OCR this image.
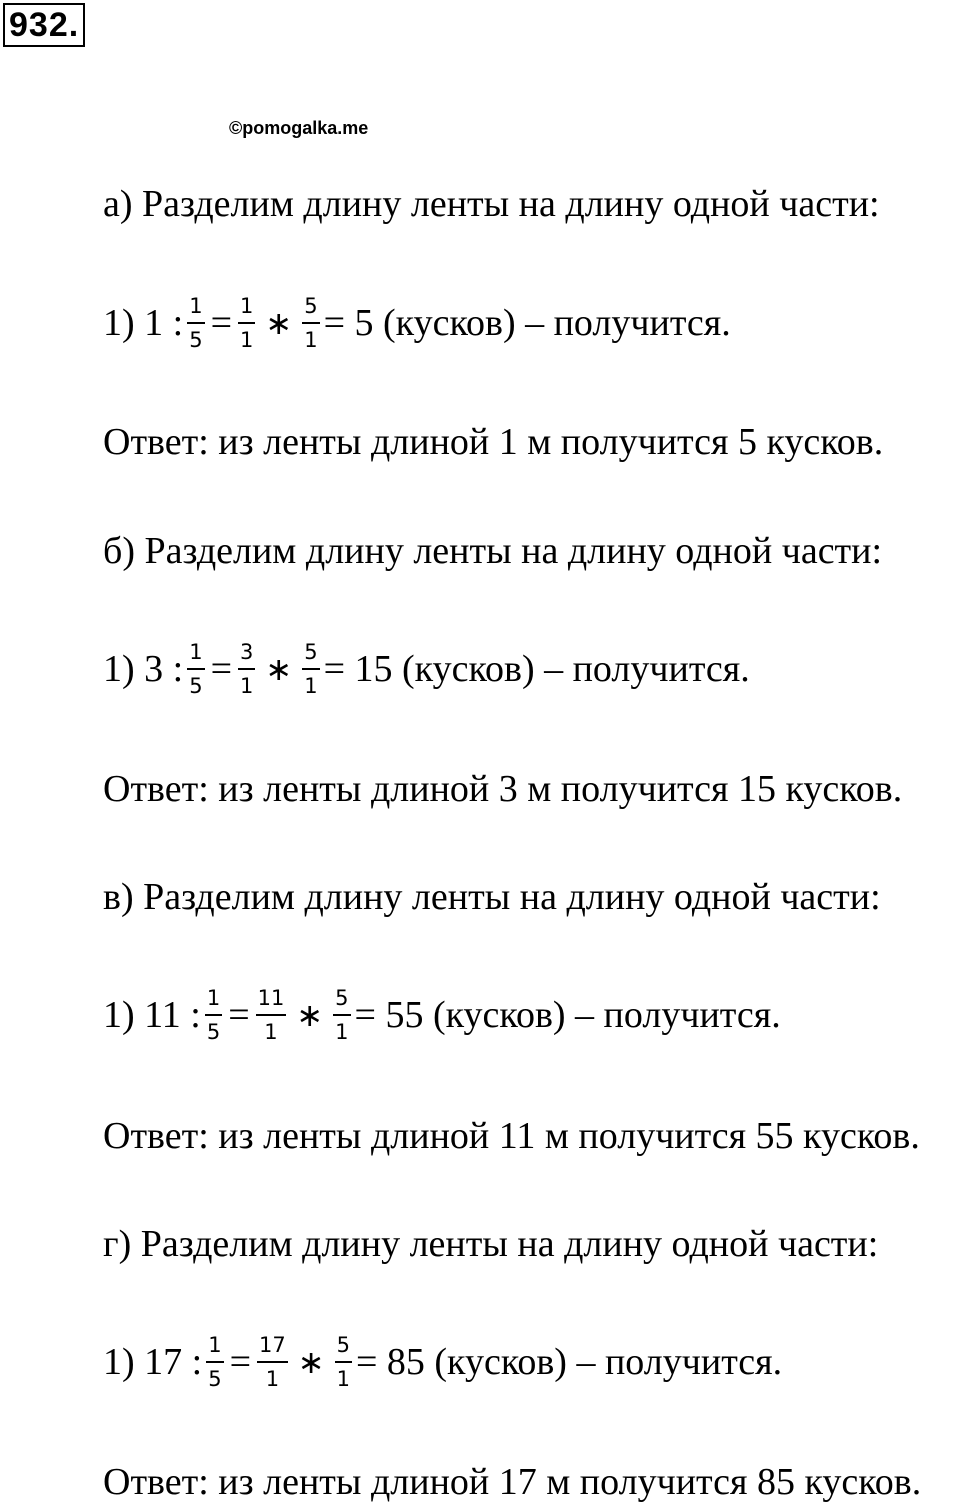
932.
©pomogalka.me
а) Разделим длину ленты на длину одной части:
1) 1 : $\frac{1}{5} = \frac{1}{1}$ ∗ $\frac{5}{1} = 5$ (кусков) – получится.
Ответ: из ленты длиной 1 м получится 5 кусков.
б) Разделим длину ленты на длину одной части:
1) 3 : $\frac{1}{5} = \frac{3}{1}$ ∗ $\frac{5}{1} = 15$ (кусков) – получится.
Ответ: из ленты длиной 3 м получится 15 кусков.
в) Разделим длину ленты на длину одной части:
1) 11 : $\frac{1}{5} = \frac{11}{1}$ ∗ $\frac{5}{1} = 55$ (кусков) – получится.
Ответ: из ленты длиной 11 м получится 55 кусков.
г) Разделим длину ленты на длину одной части:
1) 17 : $\frac{1}{5} = \frac{17}{1}$ ∗ $\frac{5}{1} = 85$ (кусков) – получится.
Ответ: из ленты длиной 17 м получится 85 кусков.
